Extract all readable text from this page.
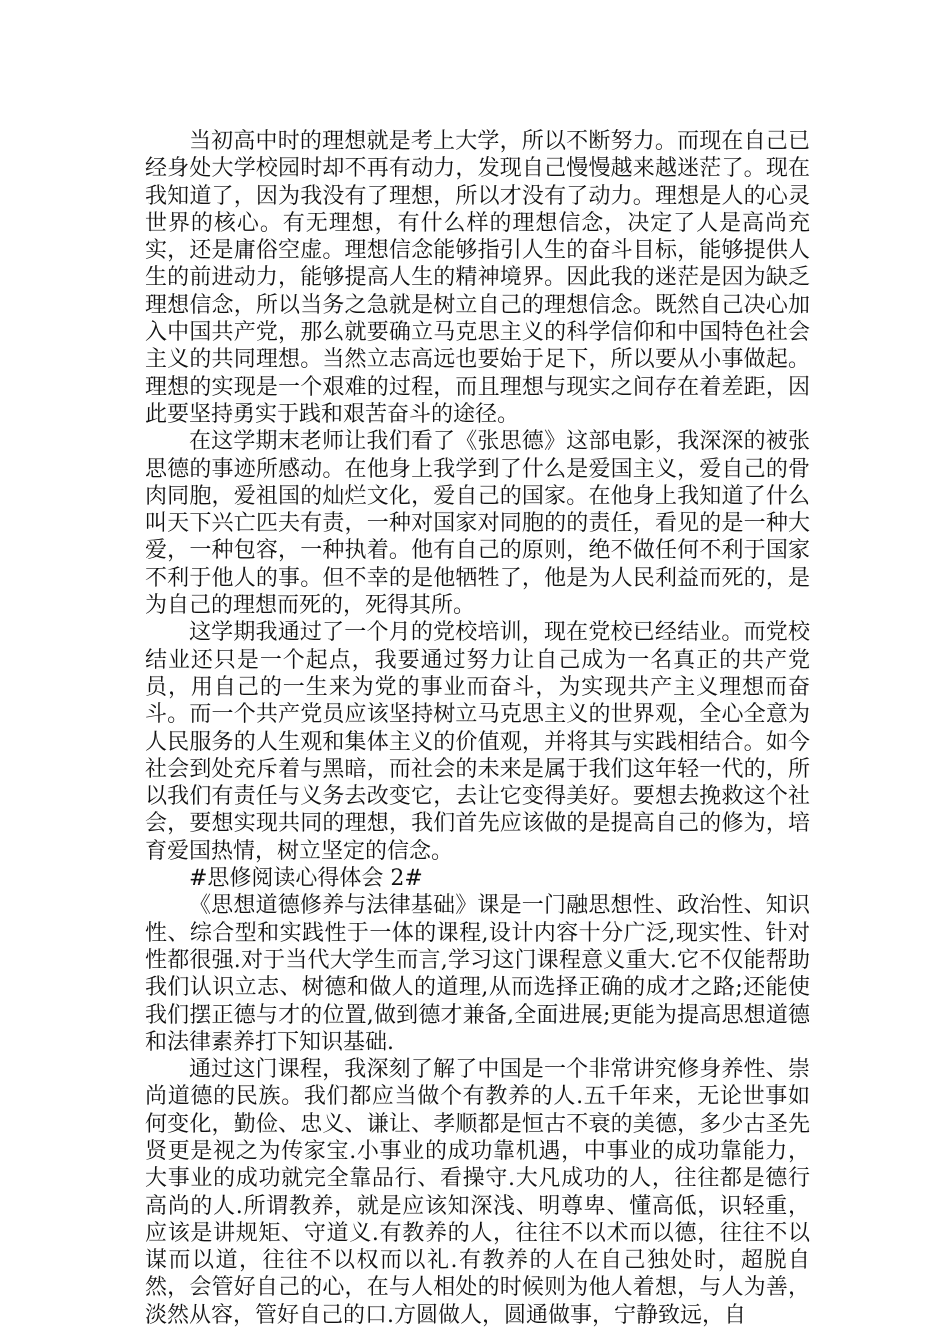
当初高中时的理想就是考上大学，所以不断努力。而现在自己已经身处大学校园时却不再有动力，发现自己慢慢越来越迷茫了。现在我知道了，因为我没有了理想，所以才没有了动力。理想是人的心灵世界的核心。有无理想，有什么样的理想信念，决定了人是高尚充实，还是庸俗空虚。理想信念能够指引人生的奋斗目标，能够提供人生的前进动力，能够提高人生的精神境界。因此我的迷茫是因为缺乏理想信念，所以当务之急就是树立自己的理想信念。既然自己决心加入中国共产党，那么就要确立马克思主义的科学信仰和中国特色社会主义的共同理想。当然立志高远也要始于足下，所以要从小事做起。理想的实现是一个艰难的过程，而且理想与现实之间存在着差距，因此要坚持勇实于践和艰苦奋斗的途径。

在这学期末老师让我们看了《张思德》这部电影，我深深的被张思德的事迹所感动。在他身上我学到了什么是爱国主义，爱自己的骨肉同胞，爱祖国的灿烂文化，爱自己的国家。在他身上我知道了什么叫天下兴亡匹夫有责，一种对国家对同胞的的责任，看见的是一种大爱，一种包容，一种执着。他有自己的原则，绝不做任何不利于国家不利于他人的事。但不幸的是他牺牲了，他是为人民利益而死的，是为自己的理想而死的，死得其所。

这学期我通过了一个月的党校培训，现在党校已经结业。而党校结业还只是一个起点，我要通过努力让自己成为一名真正的共产党员，用自己的一生来为党的事业而奋斗，为实现共产主义理想而奋斗。而一个共产党员应该坚持树立马克思主义的世界观，全心全意为人民服务的人生观和集体主义的价值观，并将其与实践相结合。如今社会到处充斥着与黑暗，而社会的未来是属于我们这年轻一代的，所以我们有责任与义务去改变它，去让它变得美好。要想去挽救这个社会，要想实现共同的理想，我们首先应该做的是提高自己的修为，培育爱国热情，树立坚定的信念。

#思修阅读心得体会 2#

《思想道德修养与法律基础》课是一门融思想性、政治性、知识性、综合型和实践性于一体的课程,设计内容十分广泛,现实性、针对性都很强.对于当代大学生而言,学习这门课程意义重大.它不仅能帮助我们认识立志、树德和做人的道理,从而选择正确的成才之路;还能使我们摆正德与才的位置,做到德才兼备,全面进展;更能为提高思想道德和法律素养打下知识基础.

通过这门课程，我深刻了解了中国是一个非常讲究修身养性、崇尚道德的民族。我们都应当做个有教养的人.五千年来，无论世事如何变化，勤俭、忠义、谦让、孝顺都是恒古不衰的美德，多少古圣先贤更是视之为传家宝.小事业的成功靠机遇，中事业的成功靠能力，大事业的成功就完全靠品行、看操守.大凡成功的人，往往都是德行高尚的人.所谓教养，就是应该知深浅、明尊卑、懂高低，识轻重，应该是讲规矩、守道义.有教养的人，往往不以术而以德，往往不以谋而以道，往往不以权而以礼.有教养的人在自己独处时，超脱自然，会管好自己的心，在与人相处的时候则为他人着想，与人为善，淡然从容，管好自己的口.方圆做人，圆通做事，宁静致远，自
